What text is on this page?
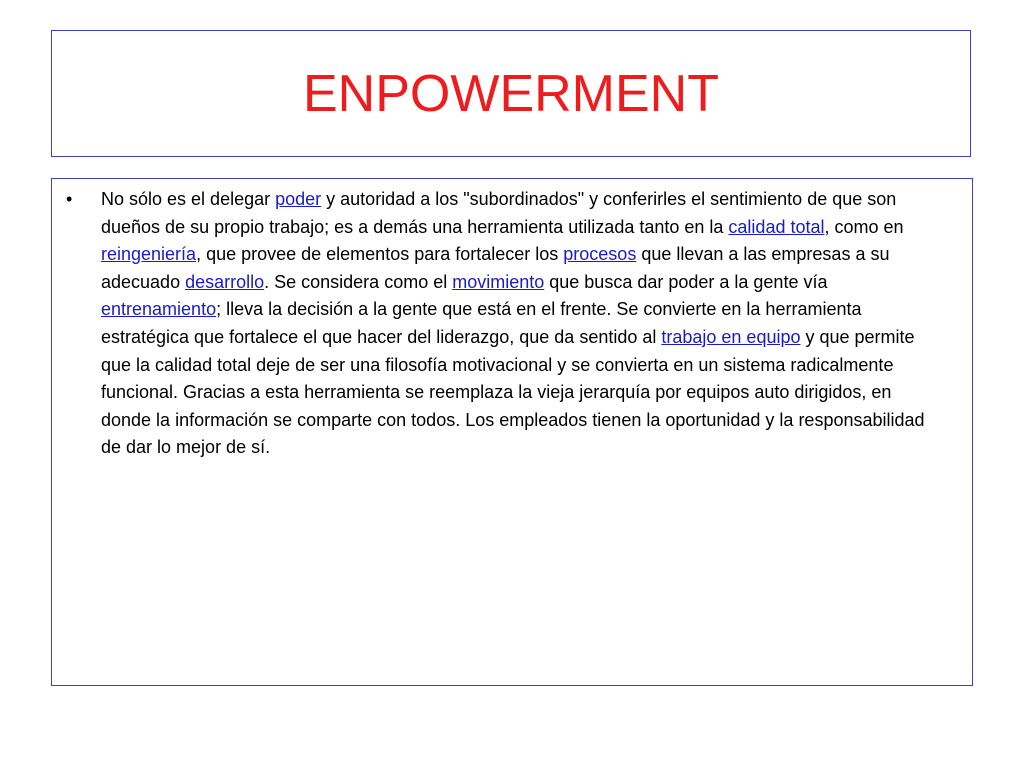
ENPOWERMENT
•	No sólo es el delegar poder y autoridad a los "subordinados" y conferirles el sentimiento de que son dueños de su propio trabajo; es a demás una herramienta utilizada tanto en la calidad total, como en reingeniería, que provee de elementos para fortalecer los procesos que llevan a las empresas a su adecuado desarrollo. Se considera como el movimiento que busca dar poder a la gente vía entrenamiento; lleva la decisión a la gente que está en el frente. Se convierte en la herramienta estratégica que fortalece el que hacer del liderazgo, que da sentido al trabajo en equipo y que permite que la calidad total deje de ser una filosofía motivacional y se convierta en un sistema radicalmente funcional. Gracias a esta herramienta se reemplaza la vieja jerarquía por equipos auto dirigidos, en donde la información se comparte con todos. Los empleados tienen la oportunidad y la responsabilidad de dar lo mejor de sí.
